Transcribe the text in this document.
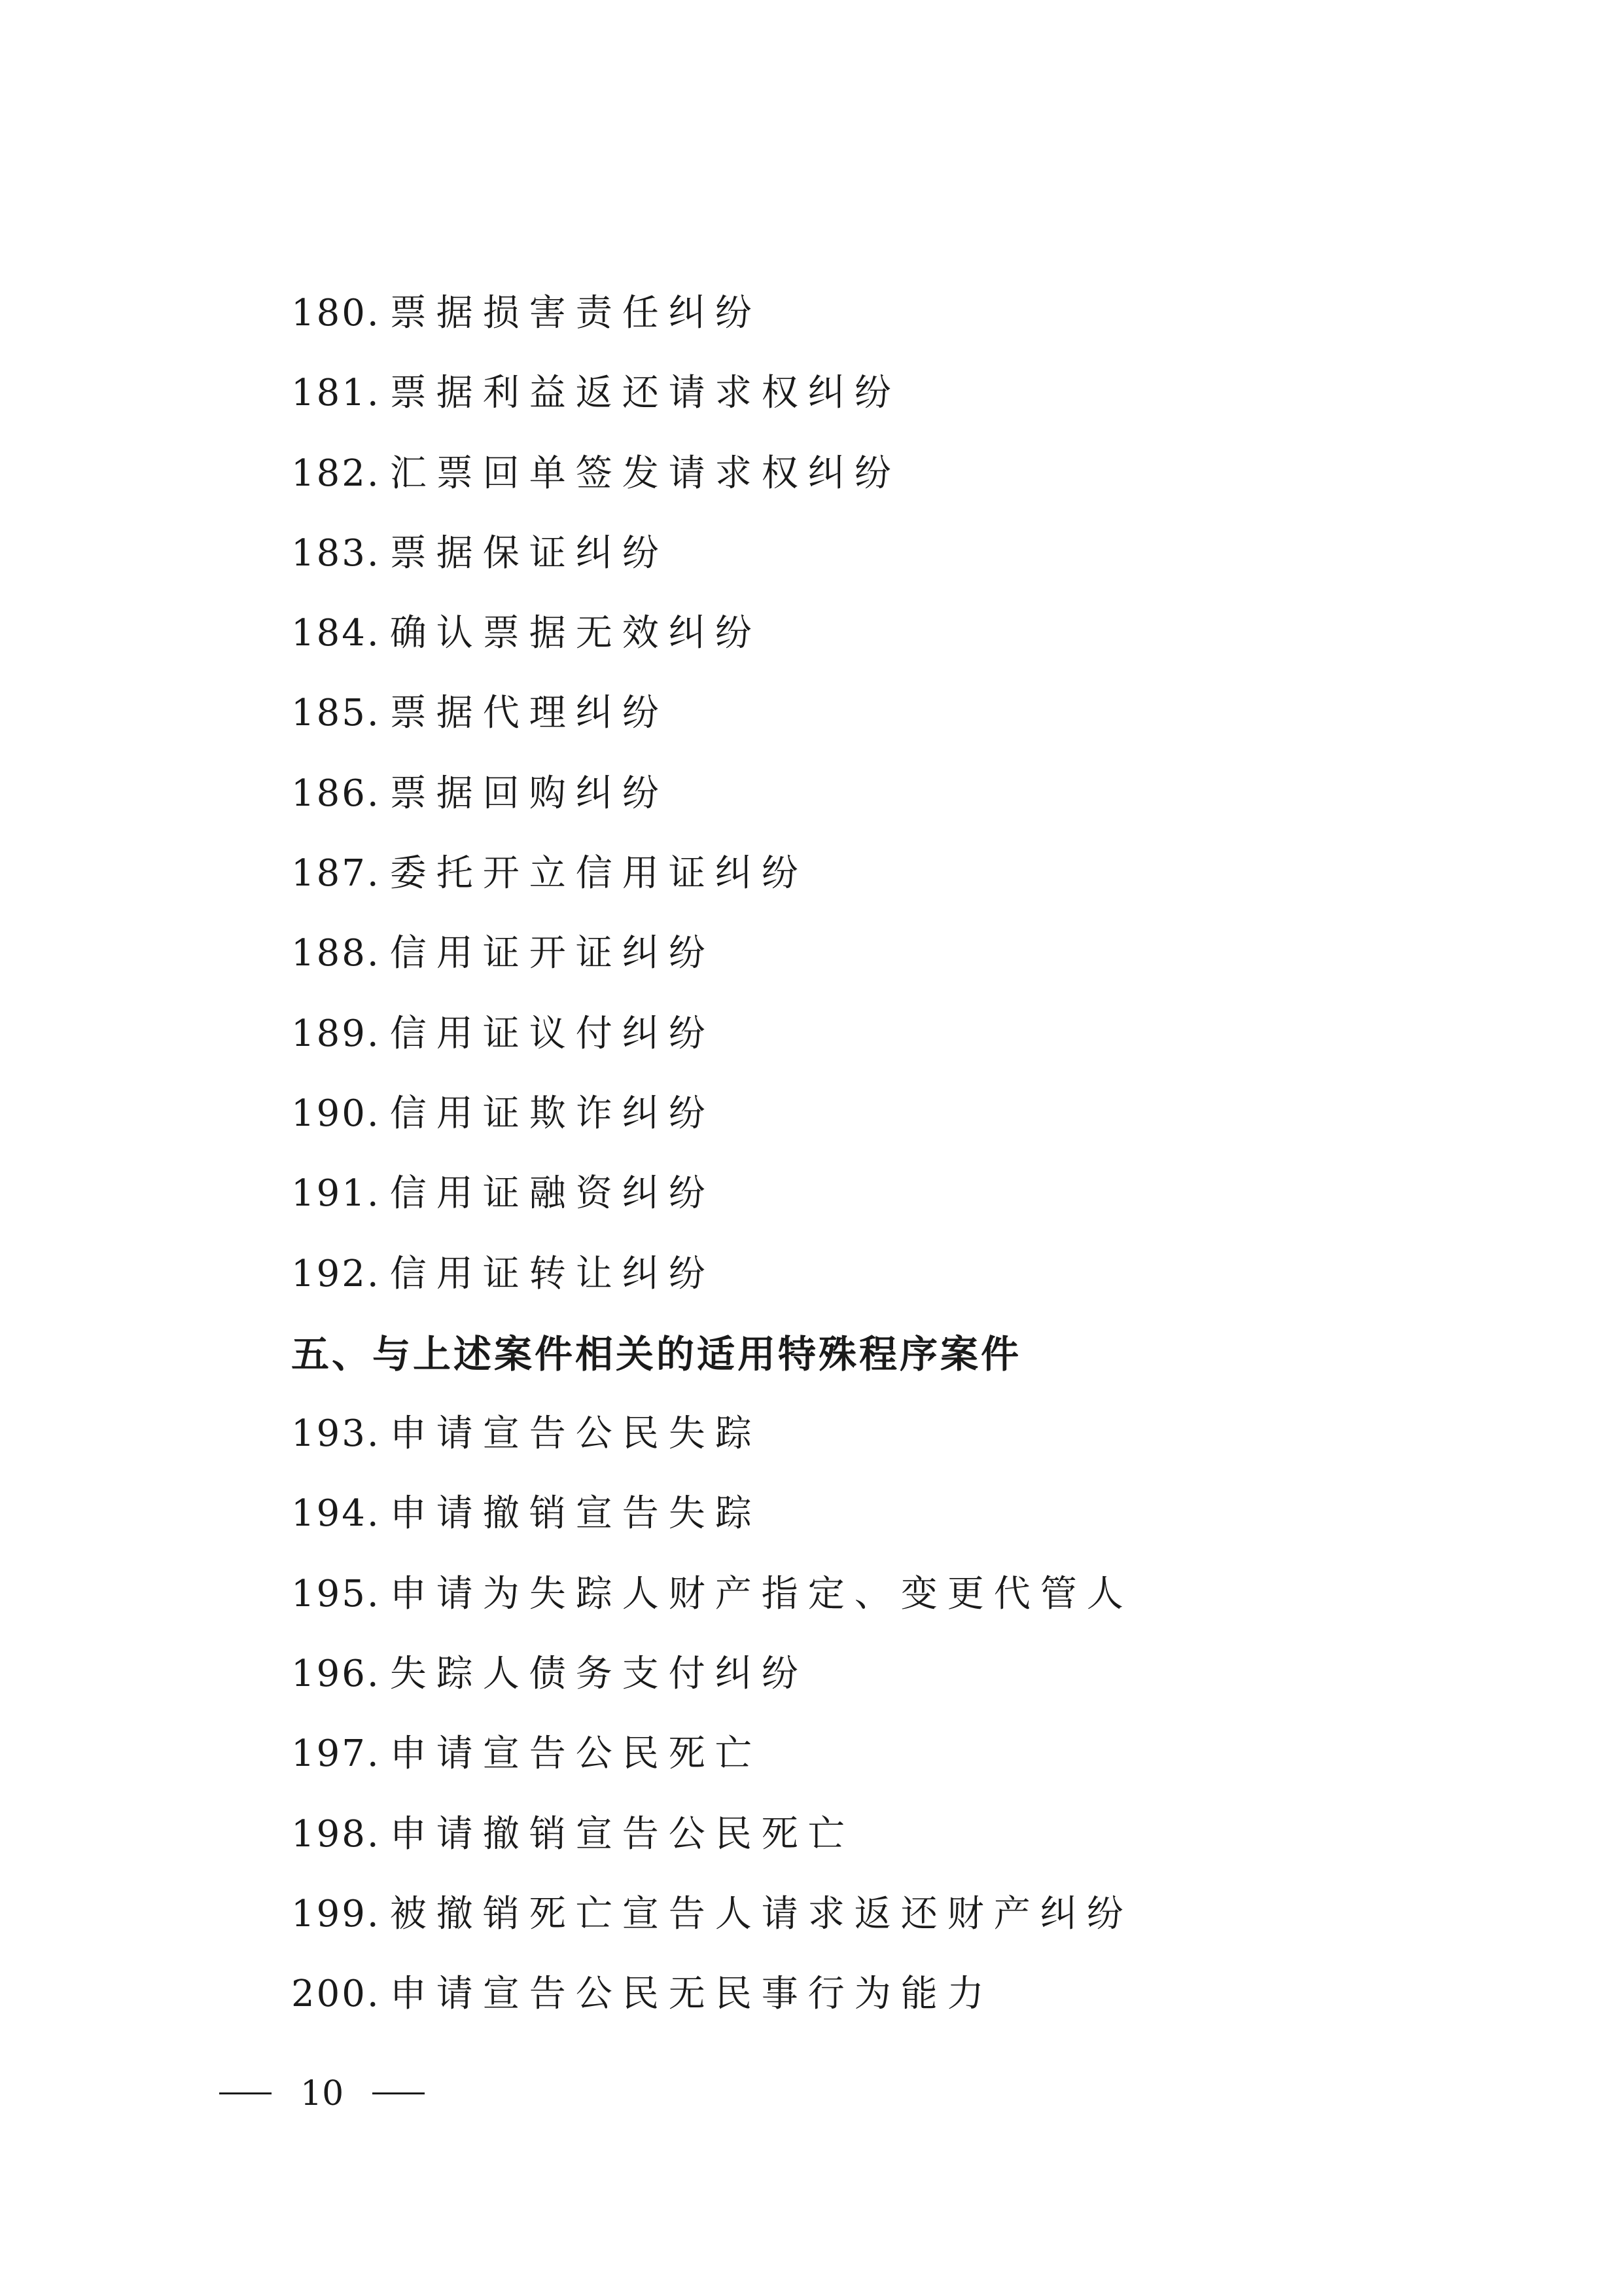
180. 票据损害责任纠纷
181. 票据利益返还请求权纠纷
182. 汇票回单签发请求权纠纷
183. 票据保证纠纷
184. 确认票据无效纠纷
185. 票据代理纠纷
186. 票据回购纠纷
187. 委托开立信用证纠纷
188. 信用证开证纠纷
189. 信用证议付纠纷
190. 信用证欺诈纠纷
191. 信用证融资纠纷
192. 信用证转让纠纷
五、与上述案件相关的适用特殊程序案件
193. 申请宣告公民失踪
194. 申请撤销宣告失踪
195. 申请为失踪人财产指定、变更代管人
196. 失踪人债务支付纠纷
197. 申请宣告公民死亡
198. 申请撤销宣告公民死亡
199. 被撤销死亡宣告人请求返还财产纠纷
200. 申请宣告公民无民事行为能力
10
